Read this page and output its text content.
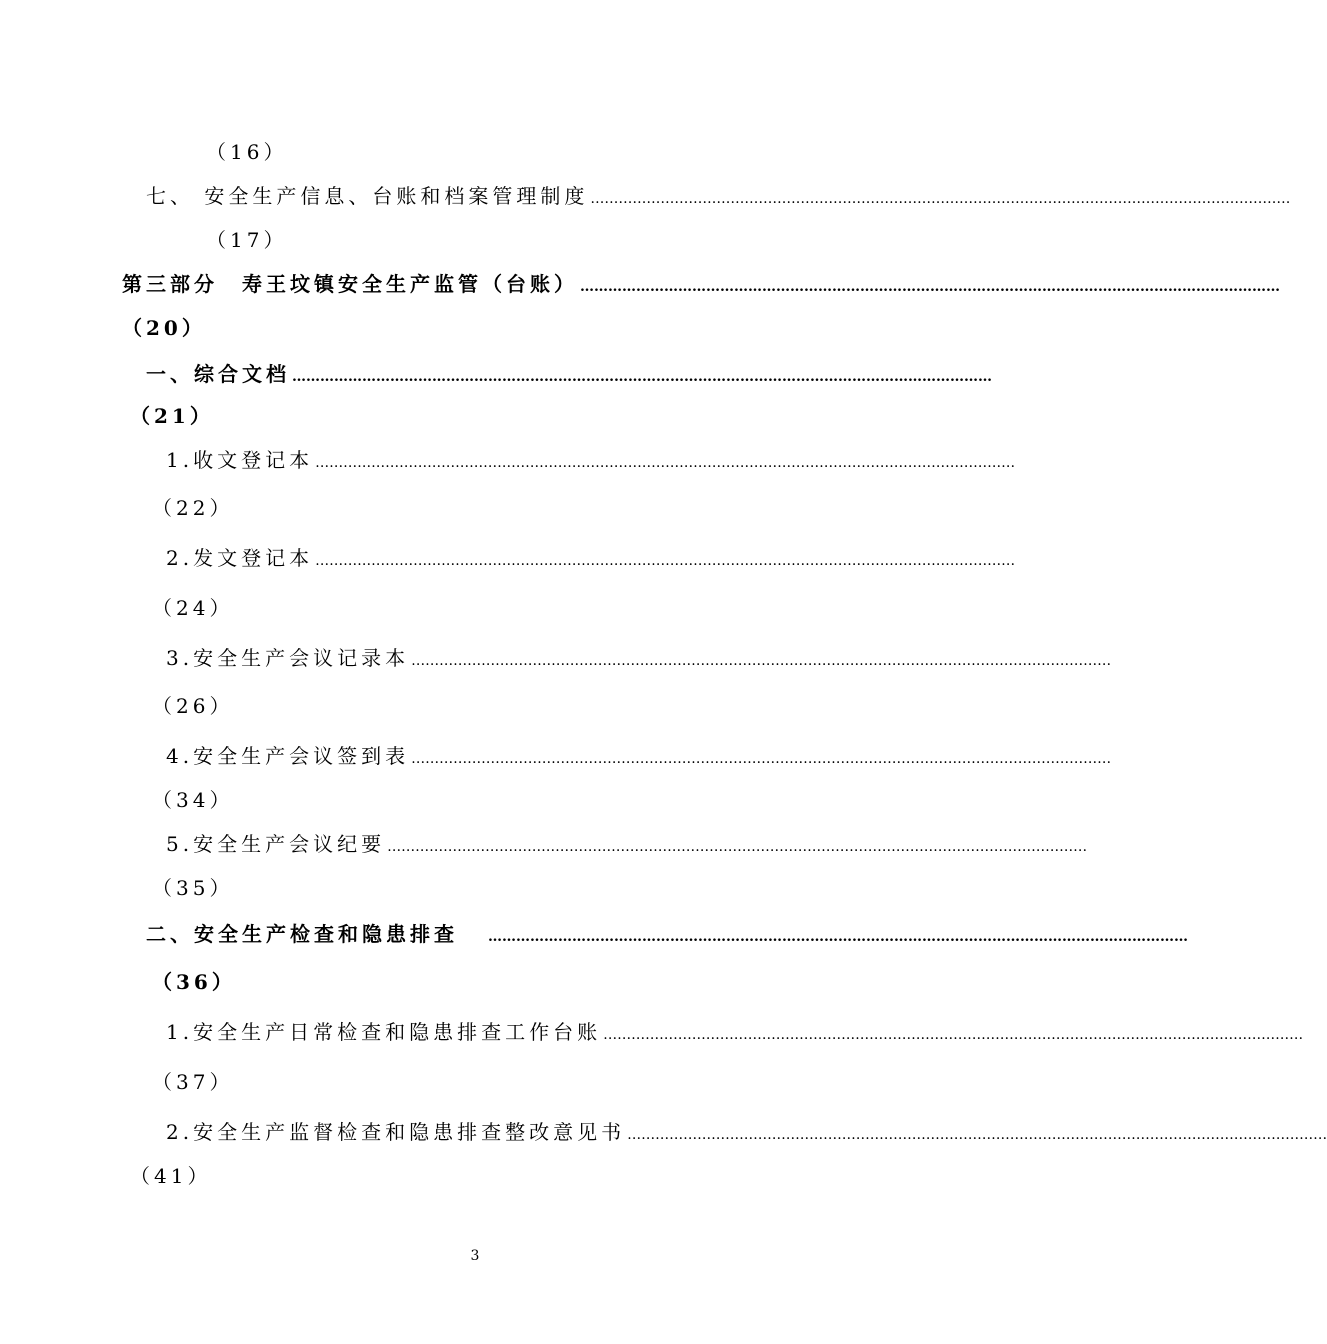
（16）
七、 安全生产信息、台账和档案管理制度 ……………………………………………………………………………………………………………………………………
（17）
第三部分　寿王坟镇安全生产监管（台账） ……………………………………………………………………………………………………………………………………
（20）
一、综合文档 ……………………………………………………………………………………………………………………………………
（21）
1.收文登记本 ……………………………………………………………………………………………………………………………………
（22）
2.发文登记本 ……………………………………………………………………………………………………………………………………
（24）
3.安全生产会议记录本 ……………………………………………………………………………………………………………………………………
（26）
4.安全生产会议签到表 ……………………………………………………………………………………………………………………………………
（34）
5.安全生产会议纪要 ……………………………………………………………………………………………………………………………………
（35）
二、安全生产检查和隐患排查	……………………………………………………………………………………………………………………………………
（36）
1.安全生产日常检查和隐患排查工作台账 ……………………………………………………………………………………………………………………………………
（37）
2.安全生产监督检查和隐患排查整改意见书 ……………………………………………………………………………………………………………………………………
（41）
3
